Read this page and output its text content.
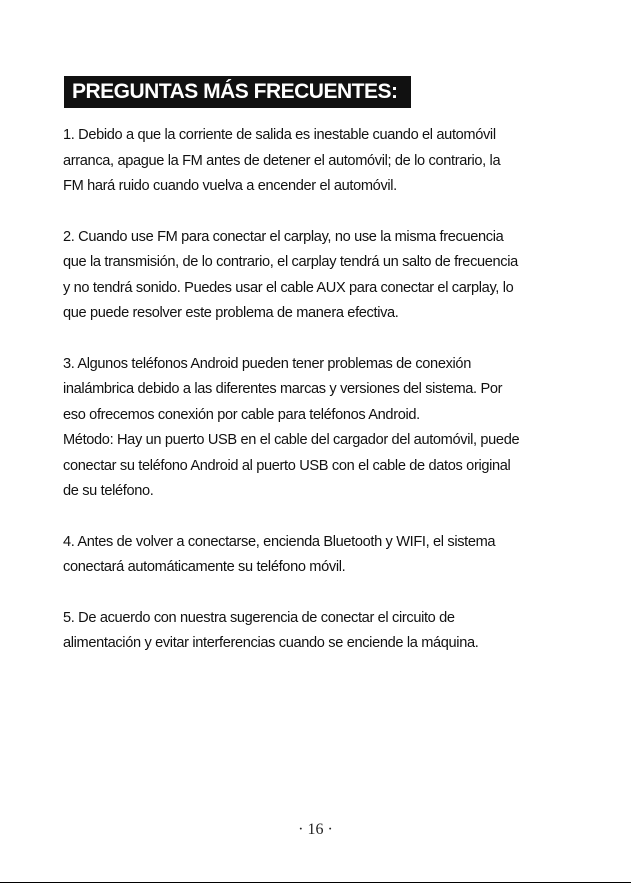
PREGUNTAS MÁS FRECUENTES:
1. Debido a que la corriente de salida es inestable cuando el automóvil
arranca, apague la FM antes de detener el automóvil; de lo contrario, la
FM hará ruido cuando vuelva a encender el automóvil.
2. Cuando use FM para conectar el carplay, no use la misma frecuencia
que la transmisión, de lo contrario, el carplay tendrá un salto de frecuencia
y no tendrá sonido. Puedes usar el cable AUX para conectar el carplay, lo
que puede resolver este problema de manera efectiva.
3. Algunos teléfonos Android pueden tener problemas de conexión
inalámbrica debido a las diferentes marcas y versiones del sistema. Por
eso ofrecemos conexión por cable para teléfonos Android.
Método: Hay un puerto USB en el cable del cargador del automóvil, puede
conectar su teléfono Android al puerto USB con el cable de datos original
de su teléfono.
4. Antes de volver a conectarse, encienda Bluetooth y WIFI, el sistema
conectará automáticamente su teléfono móvil.
5. De acuerdo con nuestra sugerencia de conectar el circuito de
alimentación y evitar interferencias cuando se enciende la máquina.
· 16 ·
